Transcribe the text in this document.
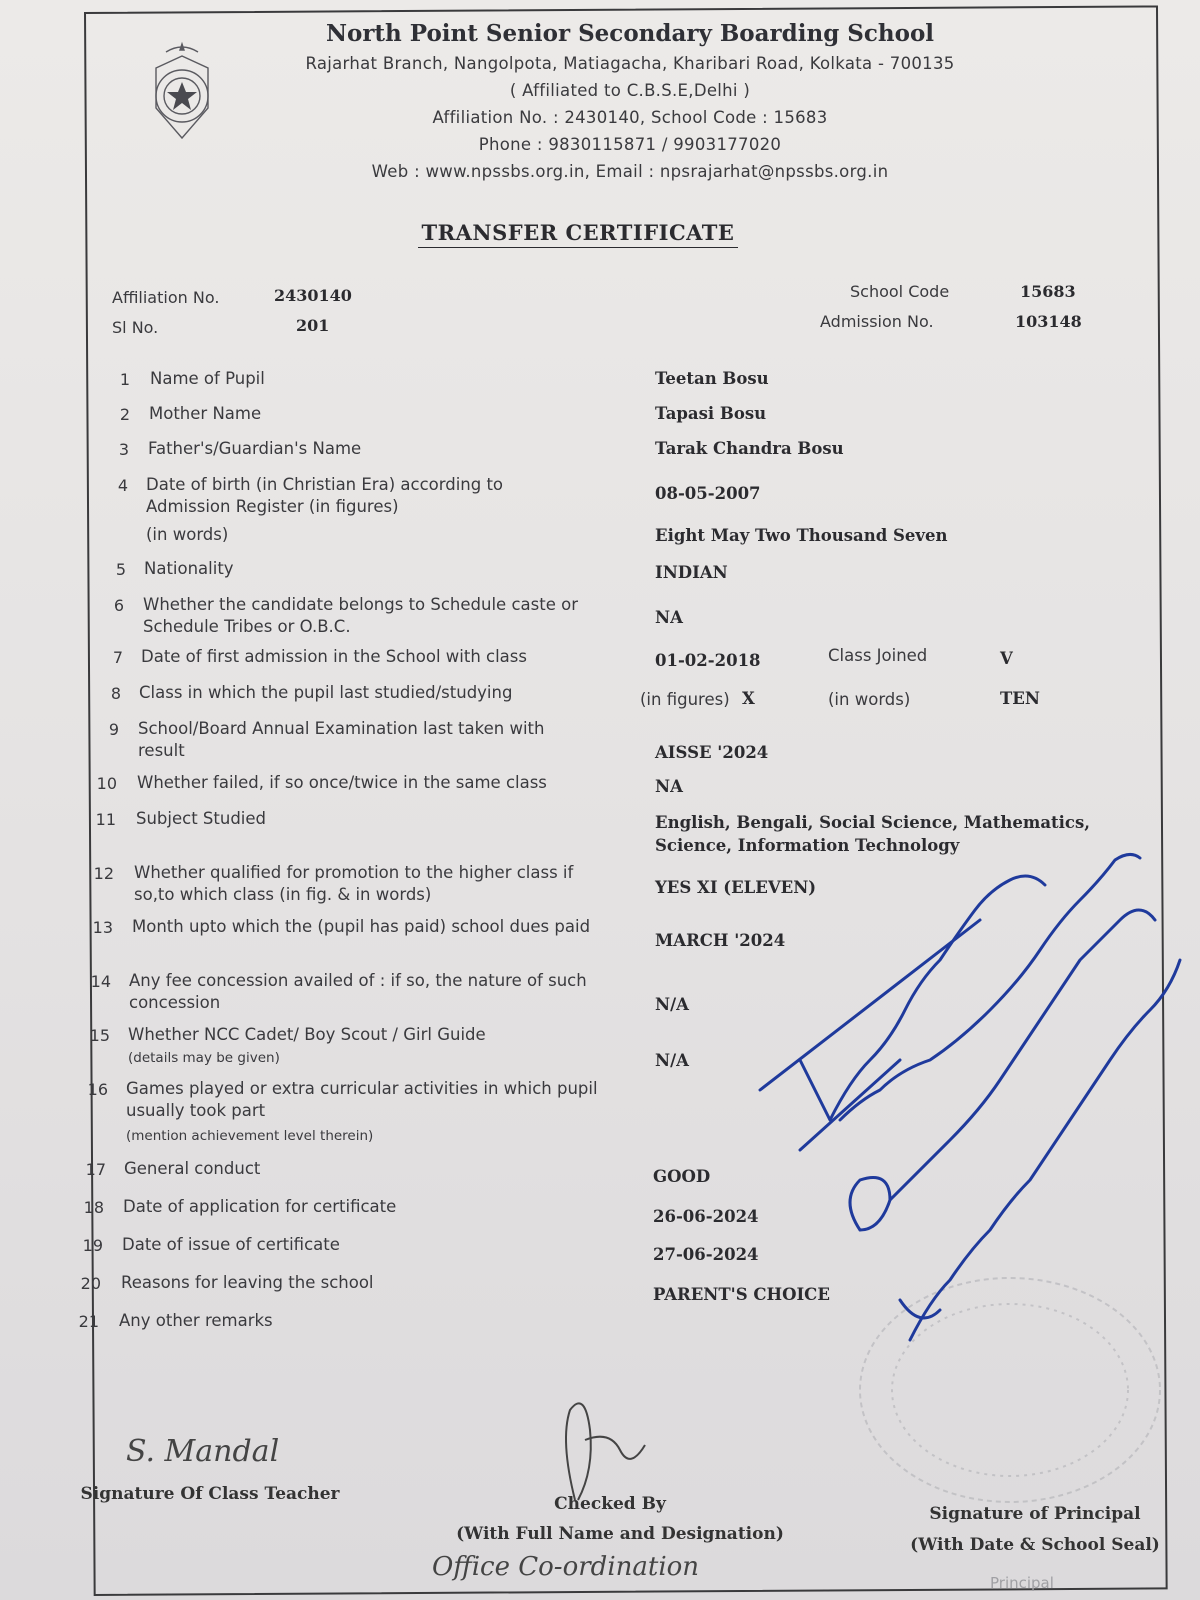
North Point Senior Secondary Boarding School
Rajarhat Branch, Nangolpota, Matiagacha, Kharibari Road, Kolkata - 700135
( Affiliated to C.B.S.E,Delhi )
Affiliation No. : 2430140, School Code : 15683
Phone : 9830115871 / 9903177020
Web : www.npssbs.org.in, Email : npsrajarhat@npssbs.org.in
TRANSFER CERTIFICATE
Affiliation No.	2430140
Sl No.	201
School Code	15683
Admission No.	103148
1 Name of Pupil	Teetan Bosu
2 Mother Name	Tapasi Bosu
3 Father's/Guardian's Name	Tarak Chandra Bosu
4 Date of birth (in Christian Era) according to Admission Register (in figures)
08-05-2007
(in words)	Eight May Two Thousand Seven
5 Nationality	INDIAN
6 Whether the candidate belongs to Schedule caste or Schedule Tribes or O.B.C.	NA
7 Date of first admission in the School with class	01-02-2018	Class Joined	V
8 Class in which the pupil last studied/studying	(in figures) X	(in words)	TEN
9 School/Board Annual Examination last taken with result	AISSE '2024
10 Whether failed, if so once/twice in the same class	NA
11 Subject Studied	English, Bengali, Social Science, Mathematics,
Science, Information Technology
12 Whether qualified for promotion to the higher class if so,to which class (in fig. & in words)	YES XI (ELEVEN)
13 Month upto which the (pupil has paid) school dues paid
MARCH '2024
14 Any fee concession availed of : if so, the nature of such concession	N/A
15 Whether NCC Cadet/ Boy Scout / Girl Guide
(details may be given)	N/A
16 Games played or extra curricular activities in which pupil usually took part
(mention achievement level therein)
17 General conduct	GOOD
18 Date of application for certificate
26-06-2024
19 Date of issue of certificate
27-06-2024
20 Reasons for leaving the school
PARENT'S CHOICE
21 Any other remarks
S. Mandal
Signature Of Class Teacher	Checked By
(With Full Name and Designation)
Office Co-ordination
Signature of Principal
(With Date & School Seal)
Principal
